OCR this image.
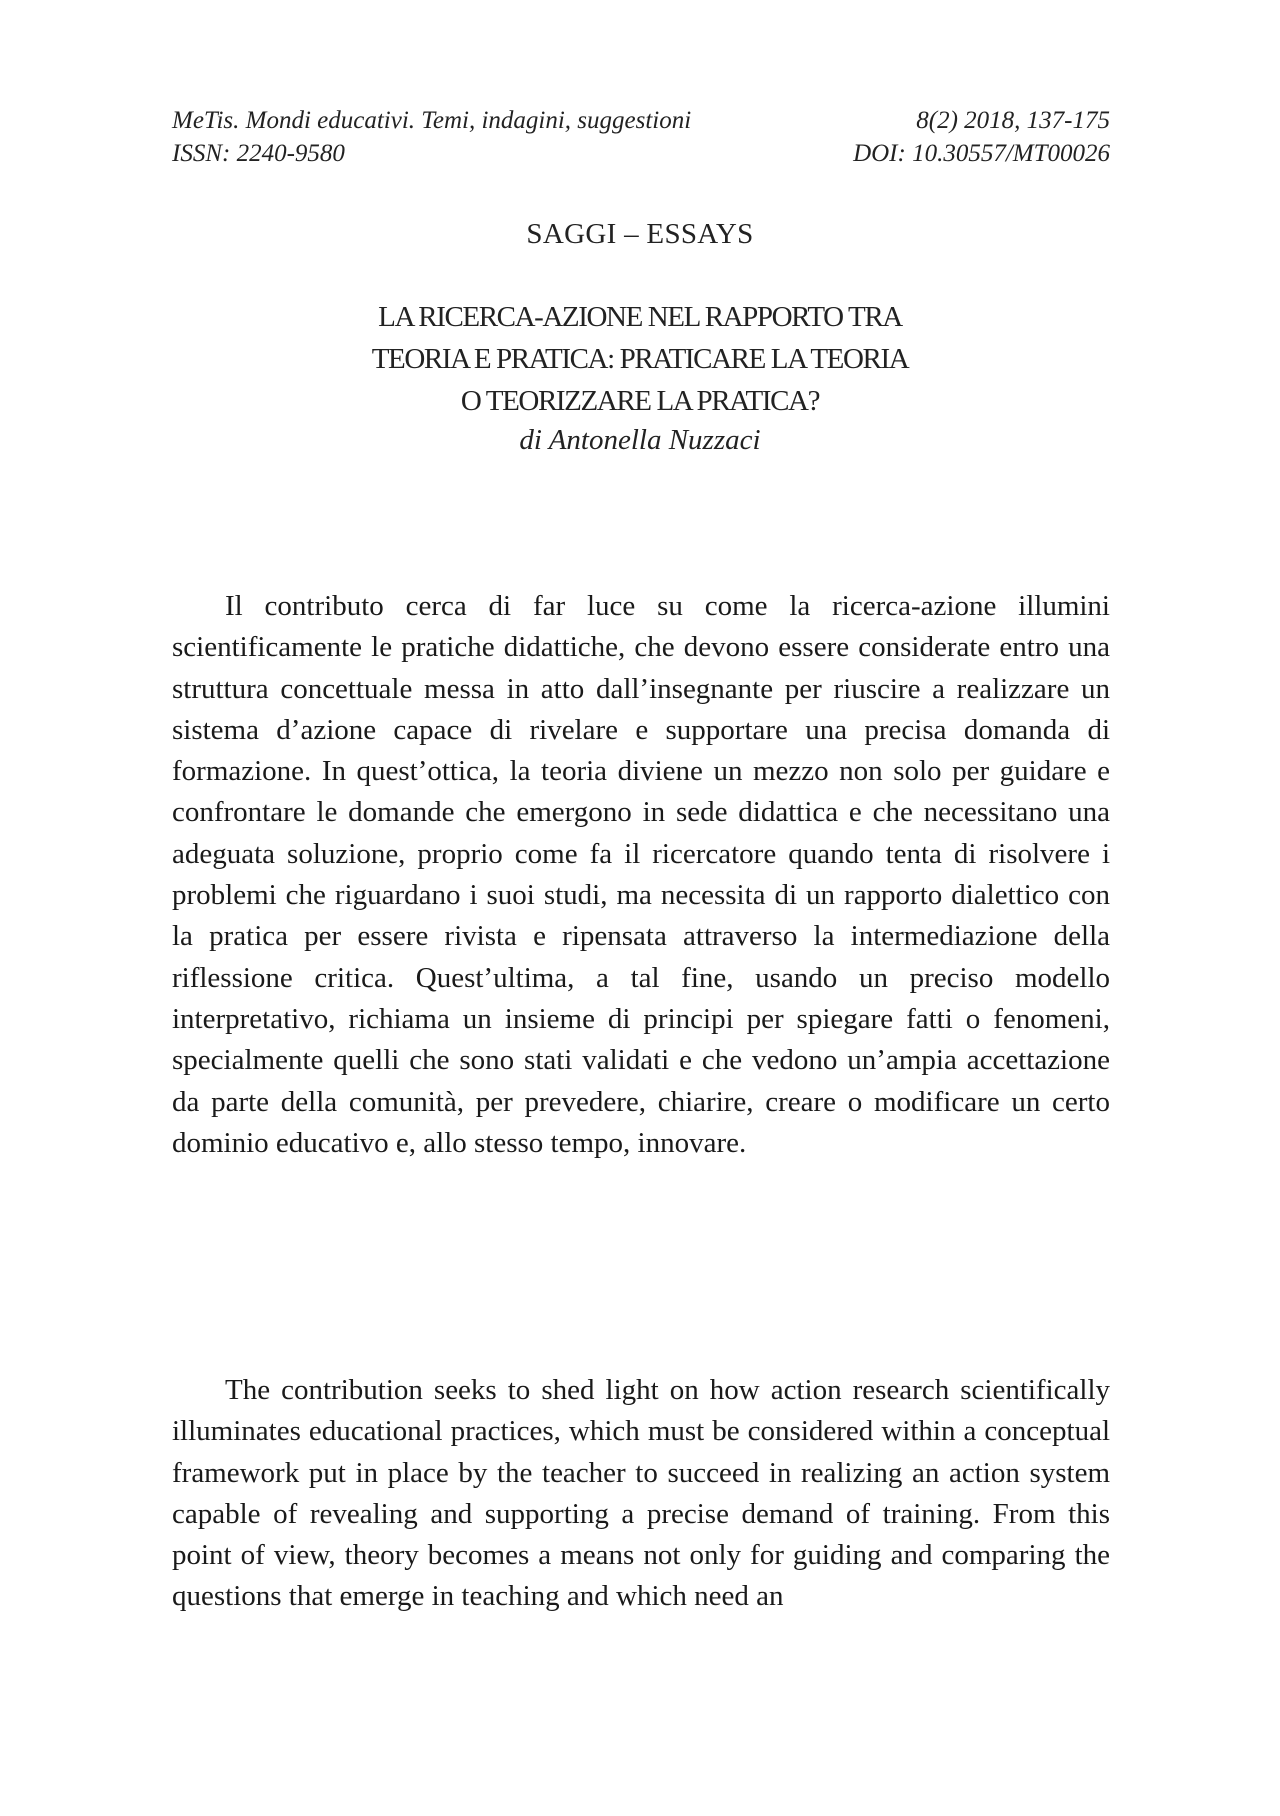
MeTis. Mondi educativi. Temi, indagini, suggestioni	8(2) 2018, 137-175
ISSN: 2240-9580	DOI: 10.30557/MT00026
SAGGI – ESSAYS
LA RICERCA-AZIONE NEL RAPPORTO TRA
TEORIA E PRATICA: PRATICARE LA TEORIA
O TEORIZZARE LA PRATICA?
di Antonella Nuzzaci

Il contributo cerca di far luce su come la ricerca-azione illumini scientificamente le pratiche didattiche, che devono essere considerate entro una struttura concettuale messa in atto dall’insegnante per riuscire a realizzare un sistema d’azione capace di rivelare e supportare una precisa domanda di formazione. In quest’ottica, la teoria diviene un mezzo non solo per guidare e confrontare le domande che emergono in sede didattica e che necessitano una adeguata soluzione, proprio come fa il ricercatore quando tenta di risolvere i problemi che riguardano i suoi studi, ma necessita di un rapporto dialettico con la pratica per essere rivista e ripensata attraverso la intermediazione della riflessione critica. Quest’ultima, a tal fine, usando un preciso modello interpretativo, richiama un insieme di principi per spiegare fatti o fenomeni, specialmente quelli che sono stati validati e che vedono un’ampia accettazione da parte della comunità, per prevedere, chiarire, creare o modificare un certo dominio educativo e, allo stesso tempo, innovare.

The contribution seeks to shed light on how action research scientifically illuminates educational practices, which must be considered within a conceptual framework put in place by the teacher to succeed in realizing an action system capable of revealing and supporting a precise demand of training. From this point of view, theory becomes a means not only for guiding and comparing the questions that emerge in teaching and which need an
